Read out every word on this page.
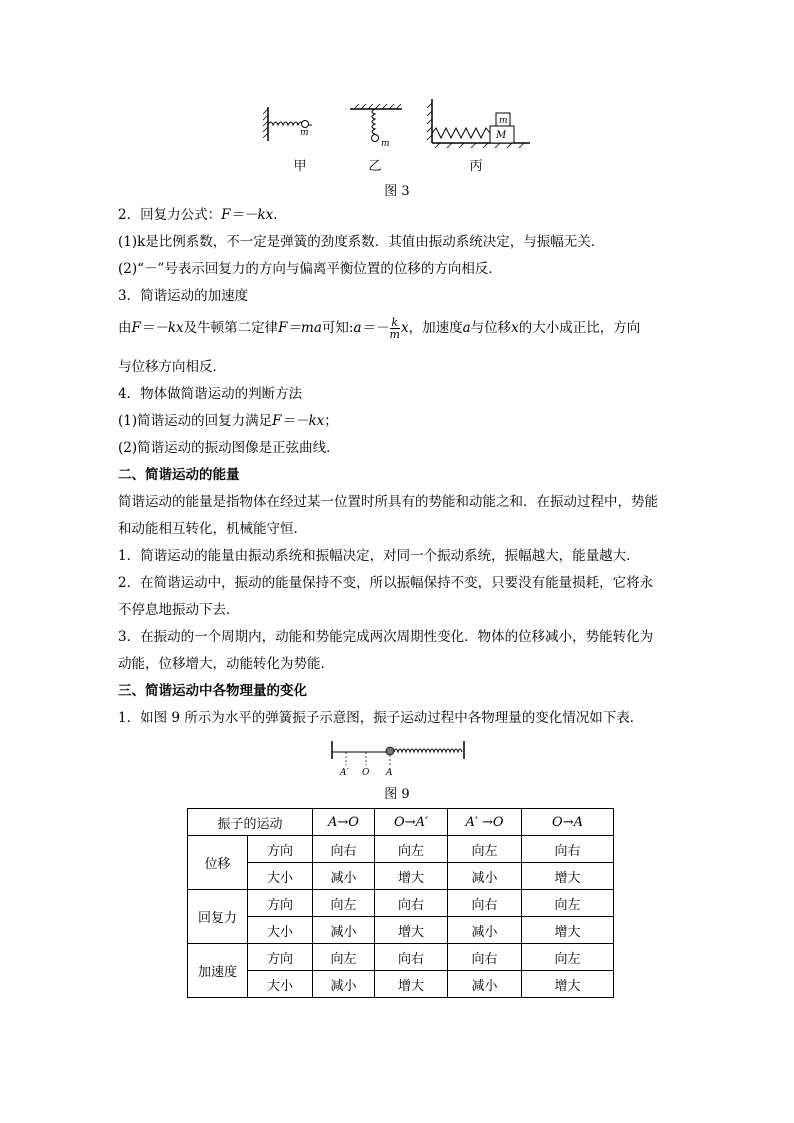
m
m
m
M
甲	乙	丙
图 3
2．回复力公式：F＝－kx.
(1)k是比例系数，不一定是弹簧的劲度系数．其值由振动系统决定，与振幅无关．
(2)“－”号表示回复力的方向与偏离平衡位置的位移的方向相反．
3．简谐运动的加速度
由F＝－kx及牛顿第二定律F＝ma可知:a＝－ $\frac{k}{m}$ x，加速度a与位移x的大小成正比，方向
与位移方向相反．
4．物体做简谐运动的判断方法
(1)简谐运动的回复力满足F＝－kx；
(2)简谐运动的振动图像是正弦曲线．
二、简谐运动的能量
简谐运动的能量是指物体在经过某一位置时所具有的势能和动能之和．在振动过程中，势能
和动能相互转化，机械能守恒．
1．简谐运动的能量由振动系统和振幅决定，对同一个振动系统，振幅越大，能量越大．
2．在简谐运动中，振动的能量保持不变，所以振幅保持不变，只要没有能量损耗，它将永
不停息地振动下去．
3．在振动的一个周期内，动能和势能完成两次周期性变化．物体的位移减小，势能转化为
动能，位移增大，动能转化为势能．
三、简谐运动中各物理量的变化
1．如图 9 所示为水平的弹簧振子示意图，振子运动过程中各物理量的变化情况如下表．
A′ O A
图 9
振子的运动		A→O	O→A′	A′ →O	O→A
位移	方向	向右	向左	向左	向右
	大小	减小	增大	减小	增大
回复力	方向	向左	向右	向右	向左
	大小	减小	增大	减小	增大
加速度	方向	向左	向右	向右	向左
	大小	减小	增大	减小	增大
